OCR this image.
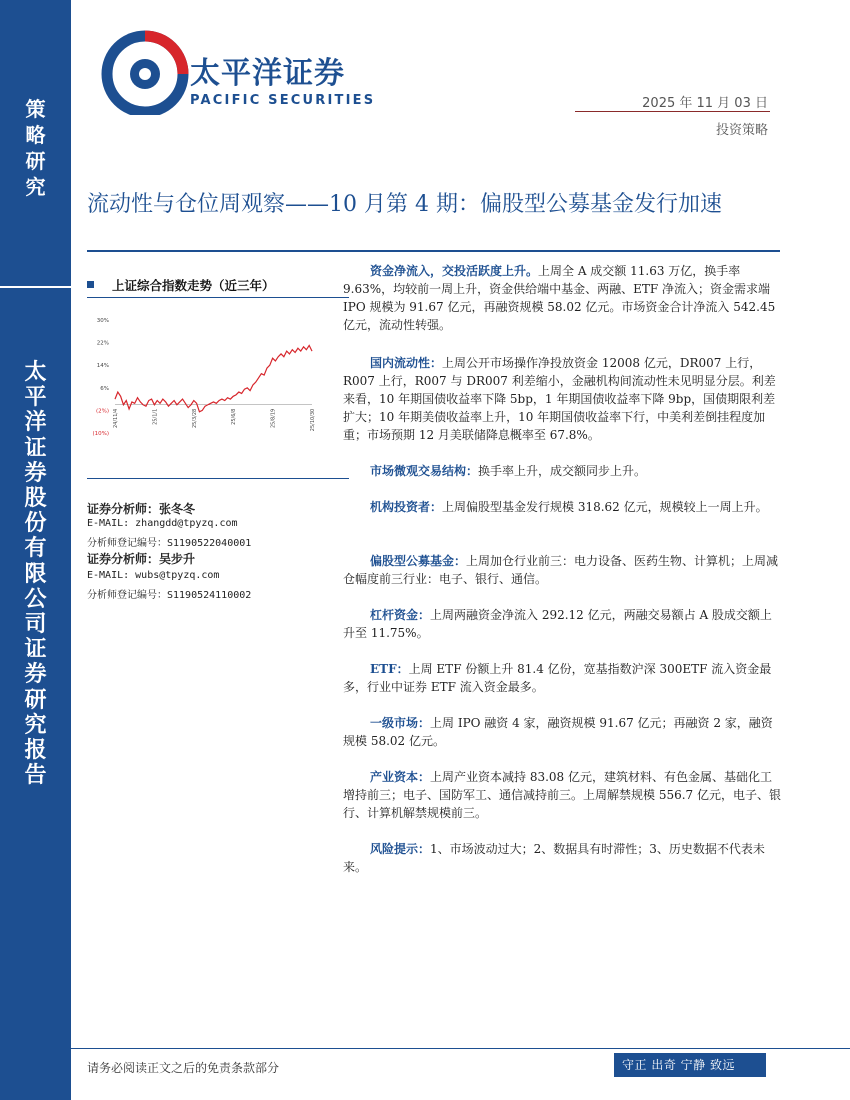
策
略
研
究
太
平
洋
证
券
股
份
有
限
公
司
证
券
研
究
报
告
太平洋证券
PACIFIC SECURITIES	2025 年 11 月 03 日
投资策略
流动性与仓位周观察——10 月第 4 期：偏股型公募基金发行加速
上证综合指数走势（近三年）
30%
22%
14%
6%
(2%)
(10%)
24/11/4	25/1/1	25/3/28	25/6/8	25/8/19	25/10/30
证券分析师：张冬冬
E-MAIL: zhangdd@tpyzq.com
分析师登记编号：S1190522040001
证券分析师：吴步升
E-MAIL: wubs@tpyzq.com
分析师登记编号：S1190524110002
资金净流入，交投活跃度上升。上周全 A 成交额 11.63 万亿，换手率 9.63%，均较前一周上升，资金供给端中基金、两融、ETF 净流入；资金需求端 IPO 规模为 91.67 亿元，再融资规模 58.02 亿元。市场资金合计净流入 542.45 亿元，流动性转强。
国内流动性：上周公开市场操作净投放资金 12008 亿元，DR007 上行，R007 上行，R007 与 DR007 利差缩小，金融机构间流动性未见明显分层。利差来看，10 年期国债收益率下降 5bp，1 年期国债收益率下降 9bp，国债期限利差扩大；10 年期美债收益率上升，10 年期国债收益率下行，中美利差倒挂程度加重；市场预期 12 月美联储降息概率至 67.8%。
市场微观交易结构：换手率上升，成交额同步上升。
机构投资者：上周偏股型基金发行规模 318.62 亿元，规模较上一周上升。
偏股型公募基金：上周加仓行业前三：电力设备、医药生物、计算机；上周减仓幅度前三行业：电子、银行、通信。
杠杆资金：上周两融资金净流入 292.12 亿元，两融交易额占 A 股成交额上升至 11.75%。
ETF：上周 ETF 份额上升 81.4 亿份，宽基指数沪深 300ETF 流入资金最多，行业中证券 ETF 流入资金最多。
一级市场：上周 IPO 融资 4 家，融资规模 91.67 亿元；再融资 2 家，融资规模 58.02 亿元。
产业资本：上周产业资本减持 83.08 亿元，建筑材料、有色金属、基础化工增持前三；电子、国防军工、通信减持前三。上周解禁规模 556.7 亿元，电子、银行、计算机解禁规模前三。
风险提示：1、市场波动过大；2、数据具有时滞性；3、历史数据不代表未来。
请务必阅读正文之后的免责条款部分	守正 出奇 宁静 致远
